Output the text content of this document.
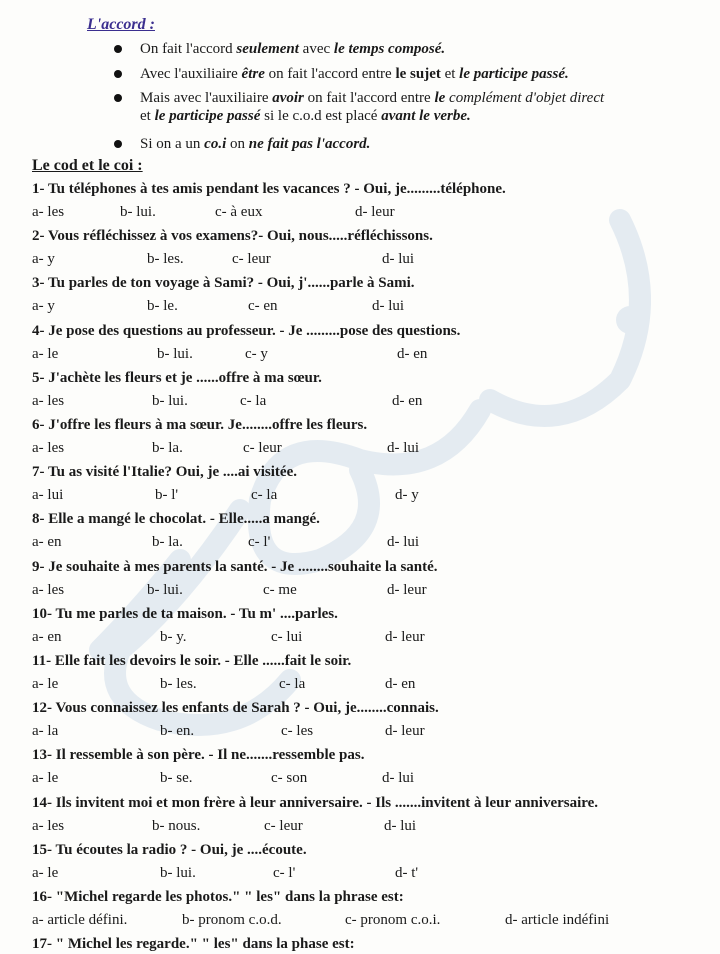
L'accord :
On fait l'accord seulement avec le temps composé.
Avec l'auxiliaire être on fait l'accord entre le sujet et le participe passé.
Mais avec l'auxiliaire avoir on fait l'accord entre le complément d'objet direct
et le participe passé si le c.o.d est placé avant le verbe.
Si on a un co.i on ne fait pas l'accord.
Le cod et le coi :
1- Tu téléphones à tes amis pendant les vacances ? - Oui, je.........téléphone.
a- les	b- lui.	c- à eux	d- leur
2- Vous réfléchissez à vos examens?- Oui, nous.....réfléchissons.
a- y	b- les.	c- leur	d- lui
3- Tu parles de ton voyage à Sami? - Oui, j'......parle à Sami.
a- y	b- le.	c- en	d- lui
4- Je pose des questions au professeur. - Je .........pose des questions.
a- le	b- lui.	c- y	d- en
5- J'achète les fleurs et je ......offre à ma sœur.
a- les	b- lui.	c- la	d- en
6- J'offre les fleurs à ma sœur. Je........offre les fleurs.
a- les	b- la.	c- leur	d- lui
7- Tu as visité l'Italie? Oui, je ....ai visitée.
a- lui	b- l'	c- la	d- y
8- Elle a mangé le chocolat. - Elle.....a mangé.
a- en	b- la.	c- l'	d- lui
9- Je souhaite à mes parents la santé. - Je ........souhaite la santé.
a- les	b- lui.	c- me	d- leur
10- Tu me parles de ta maison. - Tu m' ....parles.
a- en	b- y.	c- lui	d- leur
11- Elle fait les devoirs le soir. - Elle ......fait le soir.
a- le	b- les.	c- la	d- en
12- Vous connaissez les enfants de Sarah ? - Oui, je........connais.
a- la	b- en.	c- les	d- leur
13- Il ressemble à son père. - Il ne.......ressemble pas.
a- le	b- se.	c- son	d- lui
14- Ils invitent moi et mon frère à leur anniversaire. - Ils .......invitent à leur anniversaire.
a- les	b- nous.	c- leur	d- lui
15- Tu écoutes la radio ? - Oui, je ....écoute.
a- le	b- lui.	c- l'	d- t'
16- "Michel regarde les photos." " les" dans la phrase est:
a- article défini.	b- pronom c.o.d.	c- pronom c.o.i.	d- article indéfini
17- " Michel les regarde." " les" dans la phase est:
